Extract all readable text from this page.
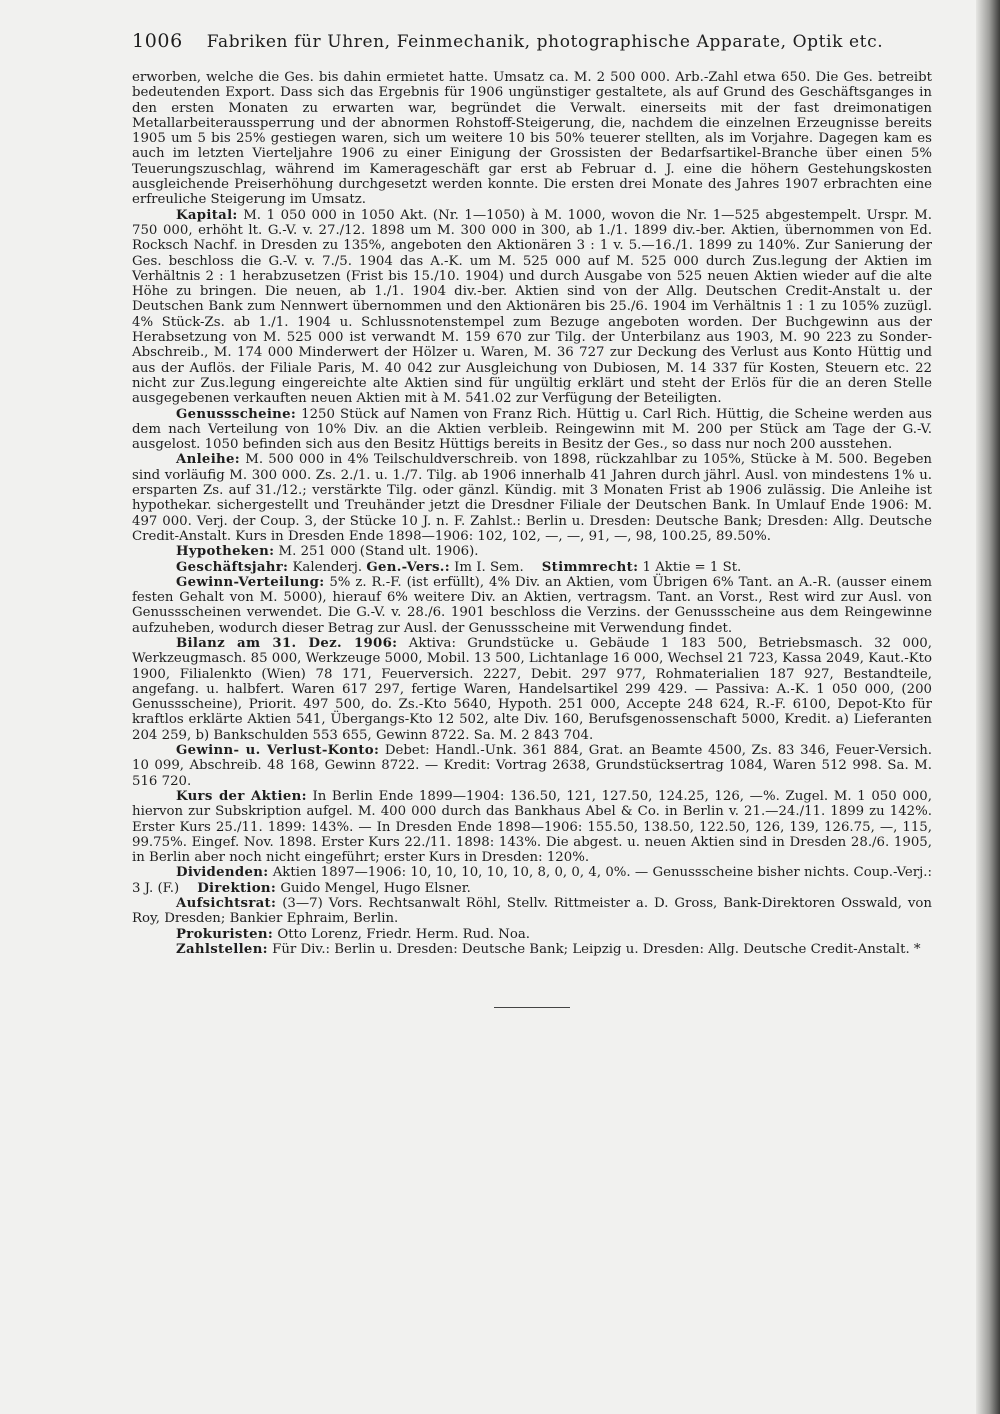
1006 Fabriken für Uhren, Feinmechanik, photographische Apparate, Optik etc.

erworben, welche die Ges. bis dahin ermietet hatte. Umsatz ca. M. 2 500 000. Arb.-Zahl etwa 650. Die Ges. betreibt bedeutenden Export. Dass sich das Ergebnis für 1906 ungünstiger gestaltete, als auf Grund des Geschäftsganges in den ersten Monaten zu erwarten war, begründet die Verwalt. einerseits mit der fast dreimonatigen Metallarbeiteraussperrung und der abnormen Rohstoff-Steigerung, die, nachdem die einzelnen Erzeugnisse bereits 1905 um 5 bis 25% gestiegen waren, sich um weitere 10 bis 50% teuerer stellten, als im Vorjahre. Dagegen kam es auch im letzten Vierteljahre 1906 zu einer Einigung der Grossisten der Bedarfsartikel-Branche über einen 5% Teuerungszuschlag, während im Kamerageschäft gar erst ab Februar d. J. eine die höhern Gestehungskosten ausgleichende Preiserhöhung durchgesetzt werden konnte. Die ersten drei Monate des Jahres 1907 erbrachten eine erfreuliche Steigerung im Umsatz.

Kapital: M. 1 050 000 in 1050 Akt. (Nr. 1—1050) à M. 1000, wovon die Nr. 1—525 abgestempelt. Urspr. M. 750 000, erhöht lt. G.-V. v. 27./12. 1898 um M. 300 000 in 300, ab 1./1. 1899 div.-ber. Aktien, übernommen von Ed. Rocksch Nachf. in Dresden zu 135%, angeboten den Aktionären 3 : 1 v. 5.—16./1. 1899 zu 140%. Zur Sanierung der Ges. beschloss die G.-V. v. 7./5. 1904 das A.-K. um M. 525 000 auf M. 525 000 durch Zus.legung der Aktien im Verhältnis 2 : 1 herabzusetzen (Frist bis 15./10. 1904) und durch Ausgabe von 525 neuen Aktien wieder auf die alte Höhe zu bringen. Die neuen, ab 1./1. 1904 div.-ber. Aktien sind von der Allg. Deutschen Credit-Anstalt u. der Deutschen Bank zum Nennwert übernommen und den Aktionären bis 25./6. 1904 im Verhältnis 1 : 1 zu 105% zuzügl. 4% Stück-Zs. ab 1./1. 1904 u. Schlussnotenstempel zum Bezuge angeboten worden. Der Buchgewinn aus der Herabsetzung von M. 525 000 ist verwandt M. 159 670 zur Tilg. der Unterbilanz aus 1903, M. 90 223 zu Sonder-Abschreib., M. 174 000 Minderwert der Hölzer u. Waren, M. 36 727 zur Deckung des Verlust aus Konto Hüttig und aus der Auflös. der Filiale Paris, M. 40 042 zur Ausgleichung von Dubiosen, M. 14 337 für Kosten, Steuern etc. 22 nicht zur Zus.legung eingereichte alte Aktien sind für ungültig erklärt und steht der Erlös für die an deren Stelle ausgegebenen verkauften neuen Aktien mit à M. 541.02 zur Verfügung der Beteiligten.

Genussscheine: 1250 Stück auf Namen von Franz Rich. Hüttig u. Carl Rich. Hüttig, die Scheine werden aus dem nach Verteilung von 10% Div. an die Aktien verbleib. Reingewinn mit M. 200 per Stück am Tage der G.-V. ausgelost. 1050 befinden sich aus den Besitz Hüttigs bereits in Besitz der Ges., so dass nur noch 200 ausstehen.

Anleihe: M. 500 000 in 4% Teilschuldverschreib. von 1898, rückzahlbar zu 105%, Stücke à M. 500. Begeben sind vorläufig M. 300 000. Zs. 2./1. u. 1./7. Tilg. ab 1906 innerhalb 41 Jahren durch jährl. Ausl. von mindestens 1% u. ersparten Zs. auf 31./12.; verstärkte Tilg. oder gänzl. Kündig. mit 3 Monaten Frist ab 1906 zulässig. Die Anleihe ist hypothekar. sichergestellt und Treuhänder jetzt die Dresdner Filiale der Deutschen Bank. In Umlauf Ende 1906: M. 497 000. Verj. der Coup. 3, der Stücke 10 J. n. F. Zahlst.: Berlin u. Dresden: Deutsche Bank; Dresden: Allg. Deutsche Credit-Anstalt. Kurs in Dresden Ende 1898—1906: 102, 102, —, —, 91, —, 98, 100.25, 89.50%.

Hypotheken: M. 251 000 (Stand ult. 1906).

Geschäftsjahr: Kalenderj. Gen.-Vers.: Im I. Sem. Stimmrecht: 1 Aktie = 1 St.

Gewinn-Verteilung: 5% z. R.-F. (ist erfüllt), 4% Div. an Aktien, vom Übrigen 6% Tant. an A.-R. (ausser einem festen Gehalt von M. 5000), hierauf 6% weitere Div. an Aktien, vertragsm. Tant. an Vorst., Rest wird zur Ausl. von Genussscheinen verwendet. Die G.-V. v. 28./6. 1901 beschloss die Verzins. der Genussscheine aus dem Reingewinne aufzuheben, wodurch dieser Betrag zur Ausl. der Genussscheine mit Verwendung findet.

Bilanz am 31. Dez. 1906: Aktiva: Grundstücke u. Gebäude 1 183 500, Betriebsmasch. 32 000, Werkzeugmasch. 85 000, Werkzeuge 5000, Mobil. 13 500, Lichtanlage 16 000, Wechsel 21 723, Kassa 2049, Kaut.-Kto 1900, Filialenkto (Wien) 78 171, Feuerversich. 2227, Debit. 297 977, Rohmaterialien 187 927, Bestandteile, angefang. u. halbfert. Waren 617 297, fertige Waren, Handelsartikel 299 429. — Passiva: A.-K. 1 050 000, (200 Genussscheine), Priorit. 497 500, do. Zs.-Kto 5640, Hypoth. 251 000, Accepte 248 624, R.-F. 6100, Depot-Kto für kraftlos erklärte Aktien 541, Übergangs-Kto 12 502, alte Div. 160, Berufsgenossenschaft 5000, Kredit. a) Lieferanten 204 259, b) Bankschulden 553 655, Gewinn 8722. Sa. M. 2 843 704.

Gewinn- u. Verlust-Konto: Debet: Handl.-Unk. 361 884, Grat. an Beamte 4500, Zs. 83 346, Feuer-Versich. 10 099, Abschreib. 48 168, Gewinn 8722. — Kredit: Vortrag 2638, Grundstücksertrag 1084, Waren 512 998. Sa. M. 516 720.

Kurs der Aktien: In Berlin Ende 1899—1904: 136.50, 121, 127.50, 124.25, 126, —%. Zugel. M. 1 050 000, hiervon zur Subskription aufgel. M. 400 000 durch das Bankhaus Abel & Co. in Berlin v. 21.—24./11. 1899 zu 142%. Erster Kurs 25./11. 1899: 143%. — In Dresden Ende 1898—1906: 155.50, 138.50, 122.50, 126, 139, 126.75, —, 115, 99.75%. Eingef. Nov. 1898. Erster Kurs 22./11. 1898: 143%. Die abgest. u. neuen Aktien sind in Dresden 28./6. 1905, in Berlin aber noch nicht eingeführt; erster Kurs in Dresden: 120%.

Dividenden: Aktien 1897—1906: 10, 10, 10, 10, 10, 8, 0, 0, 4, 0%. — Genussscheine bisher nichts. Coup.-Verj.: 3 J. (F.) Direktion: Guido Mengel, Hugo Elsner.

Aufsichtsrat: (3—7) Vors. Rechtsanwalt Röhl, Stellv. Rittmeister a. D. Gross, Bank-Direktoren Osswald, von Roy, Dresden; Bankier Ephraim, Berlin.

Prokuristen: Otto Lorenz, Friedr. Herm. Rud. Noa.

Zahlstellen: Für Div.: Berlin u. Dresden: Deutsche Bank; Leipzig u. Dresden: Allg. Deutsche Credit-Anstalt. *
